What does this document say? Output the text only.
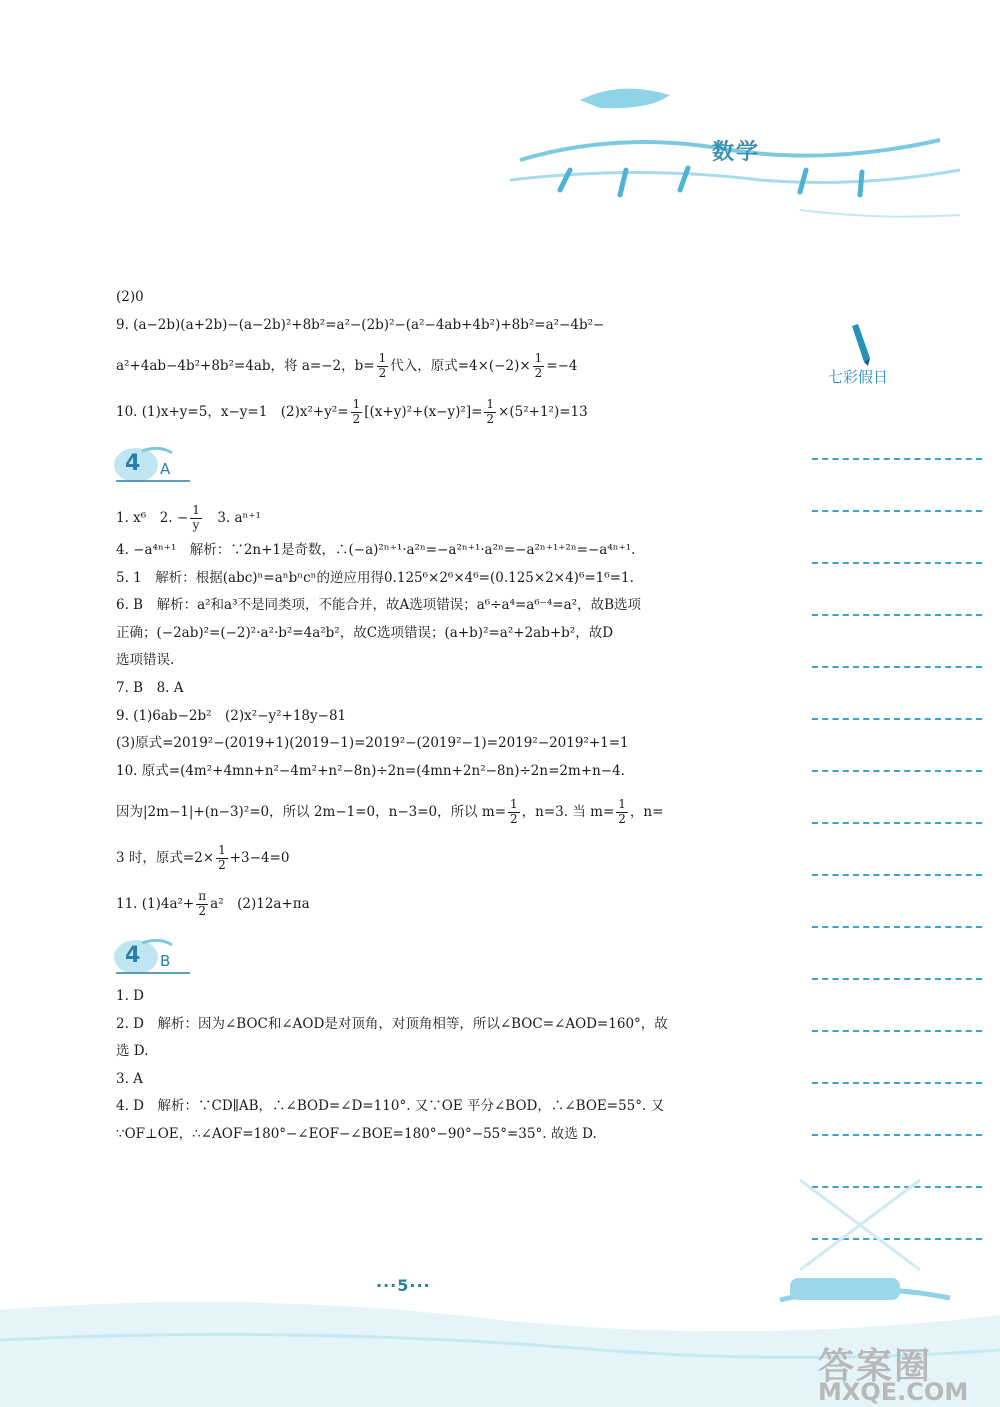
数学
七彩假日
(2)0
9. (a−2b)(a+2b)−(a−2b)²+8b²=a²−(2b)²−(a²−4ab+4b²)+8b²=a²−4b²−
a²+4ab−4b²+8b²=4ab，将 a=−2，$b= \frac{1}{2}$ 代入，原式$=4\times(-2)\times \frac{1}{2} =-4$
10. (1)x+y=5，x−y=1　$(2)x^2+y^2= \frac{1}{2} [(x+y)^2+(x-y)^2]= \frac{1}{2} \times(5^2+1^2)=13$
4 A
1. x⁶　2. − $\frac{1}{y}$ 　3. aⁿ⁺¹
4. −a⁴ⁿ⁺¹　解析：∵2n+1是奇数，∴(−a)²ⁿ⁺¹·a²ⁿ=−a²ⁿ⁺¹·a²ⁿ=−a²ⁿ⁺¹⁺²ⁿ=−a⁴ⁿ⁺¹.
5. 1　解析：根据(abc)ⁿ=aⁿbⁿcⁿ的逆应用得0.125⁶×2⁶×4⁶=(0.125×2×4)⁶=1⁶=1.
6. B　解析：a²和a³不是同类项，不能合并，故A选项错误；a⁶÷a⁴=a⁶⁻⁴=a²，故B选项
正确；(−2ab)²=(−2)²·a²·b²=4a²b²，故C选项错误；(a+b)²=a²+2ab+b²，故D
选项错误.
7. B　8. A
9. (1)6ab−2b²　(2)x²−y²+18y−81
(3)原式=2019²−(2019+1)(2019−1)=2019²−(2019²−1)=2019²−2019²+1=1
10. 原式=(4m²+4mn+n²−4m²+n²−8n)÷2n=(4mn+2n²−8n)÷2n=2m+n−4.
因为|2m−1|+(n−3)²=0，所以 2m−1=0，n−3=0，所以 $m= \frac{1}{2}$ ，n=3. 当 $m= \frac{1}{2}$ ，n=
3 时，原式$=2\times \frac{1}{2} +3-4=0$
11. $(1)4a^2+ \frac{\pi}{2} a^2$　(2)12a+πa
4 B
1. D
2. D　解析：因为∠BOC和∠AOD是对顶角，对顶角相等，所以∠BOC=∠AOD=160°，故
选 D.
3. A
4. D　解析：∵CD∥AB，∴∠BOD=∠D=110°. 又∵OE 平分∠BOD，∴∠BOE=55°. 又
∵OF⊥OE，∴∠AOF=180°−∠EOF−∠BOE=180°−90°−55°=35°. 故选 D.
···5···
答案圈
MXQE.COM
